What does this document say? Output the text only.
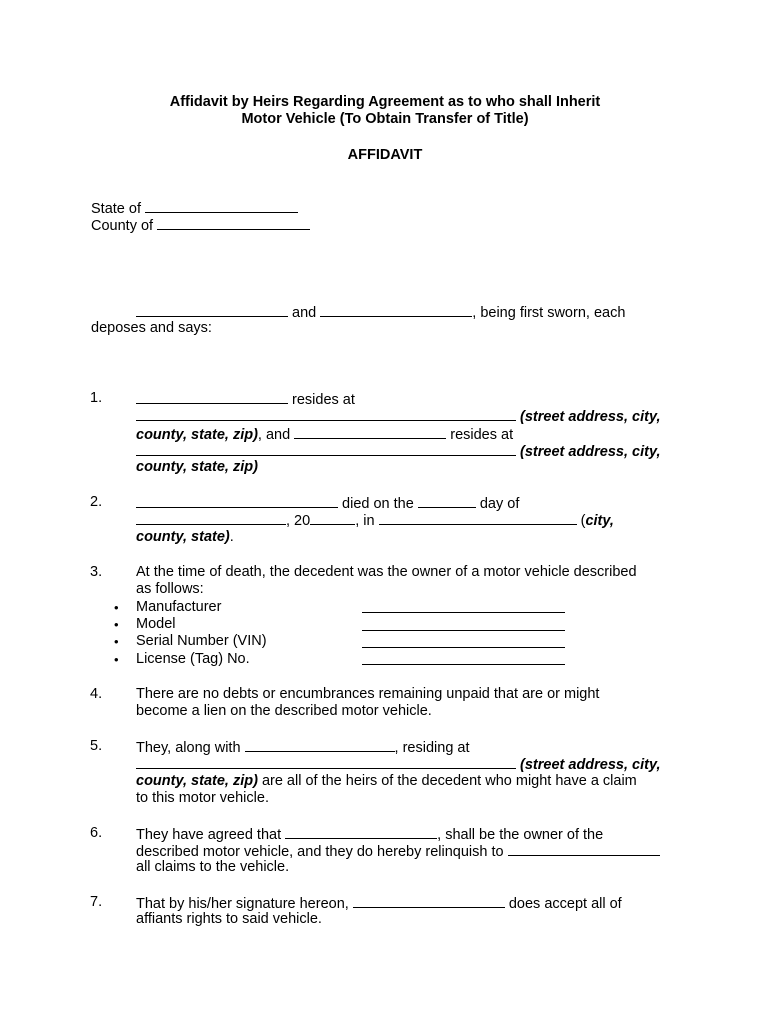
Affidavit by Heirs Regarding Agreement as to who shall Inherit
Motor Vehicle (To Obtain Transfer of Title)
AFFIDAVIT
State of
County of
and	, being first sworn, each
deposes and says:
1.	resides at
(street address, city,
county, state, zip), and	resides at
(street address, city,
county, state, zip)
2.	died on the	day of
, 20	, in	(city,
county, state).
3. At the time of death, the decedent was the owner of a motor vehicle described
as follows:
• Manufacturer
• Model
• Serial Number (VIN)
• License (Tag) No.
4. There are no debts or encumbrances remaining unpaid that are or might
become a lien on the described motor vehicle.
5. They, along with	, residing at
(street address, city,
county, state, zip) are all of the heirs of the decedent who might have a claim
to this motor vehicle.
6. They have agreed that	, shall be the owner of the
described motor vehicle, and they do hereby relinquish to
all claims to the vehicle.
7. That by his/her signature hereon,	does accept all of
affiants rights to said vehicle.
